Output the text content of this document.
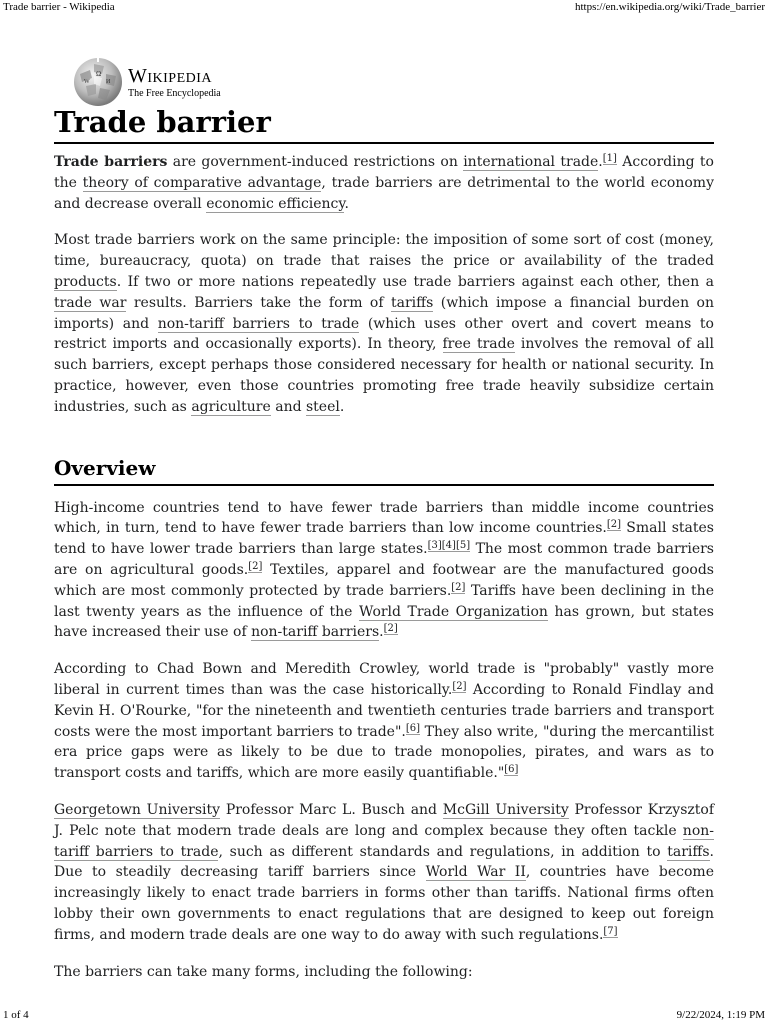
Trade barrier - Wikipedia	https://en.wikipedia.org/wiki/Trade_barrier
Ω
W	И Wikipedia
The Free Encyclopedia
Trade barrier

Trade barriers are government-induced restrictions on international trade.[1] According to the theory of comparative advantage, trade barriers are detrimental to the world economy and decrease overall economic efficiency.

Most trade barriers work on the same principle: the imposition of some sort of cost (money, time, bureaucracy, quota) on trade that raises the price or availability of the traded products. If two or more nations repeatedly use trade barriers against each other, then a trade war results. Barriers take the form of tariffs (which impose a financial burden on imports) and non-tariff barriers to trade (which uses other overt and covert means to restrict imports and occasionally exports). In theory, free trade involves the removal of all such barriers, except perhaps those considered necessary for health or national security. In practice, however, even those countries promoting free trade heavily subsidize certain industries, such as agriculture and steel.

Overview

High-income countries tend to have fewer trade barriers than middle income countries which, in turn, tend to have fewer trade barriers than low income countries.[2] Small states tend to have lower trade barriers than large states.[3][4][5] The most common trade barriers are on agricultural goods.[2] Textiles, apparel and footwear are the manufactured goods which are most commonly protected by trade barriers.[2] Tariffs have been declining in the last twenty years as the influence of the World Trade Organization has grown, but states have increased their use of non-tariff barriers.[2]

According to Chad Bown and Meredith Crowley, world trade is "probably" vastly more liberal in current times than was the case historically.[2] According to Ronald Findlay and Kevin H. O'Rourke, "for the nineteenth and twentieth centuries trade barriers and transport costs were the most important barriers to trade".[6] They also write, "during the mercantilist era price gaps were as likely to be due to trade monopolies, pirates, and wars as to transport costs and tariffs, which are more easily quantifiable."[6]

Georgetown University Professor Marc L. Busch and McGill University Professor Krzysztof J. Pelc note that modern trade deals are long and complex because they often tackle non-tariff barriers to trade, such as different standards and regulations, in addition to tariffs. Due to steadily decreasing tariff barriers since World War II, countries have become increasingly likely to enact trade barriers in forms other than tariffs. National firms often lobby their own governments to enact regulations that are designed to keep out foreign firms, and modern trade deals are one way to do away with such regulations.[7]

The barriers can take many forms, including the following:

1 of 4	9/22/2024, 1:19 PM
